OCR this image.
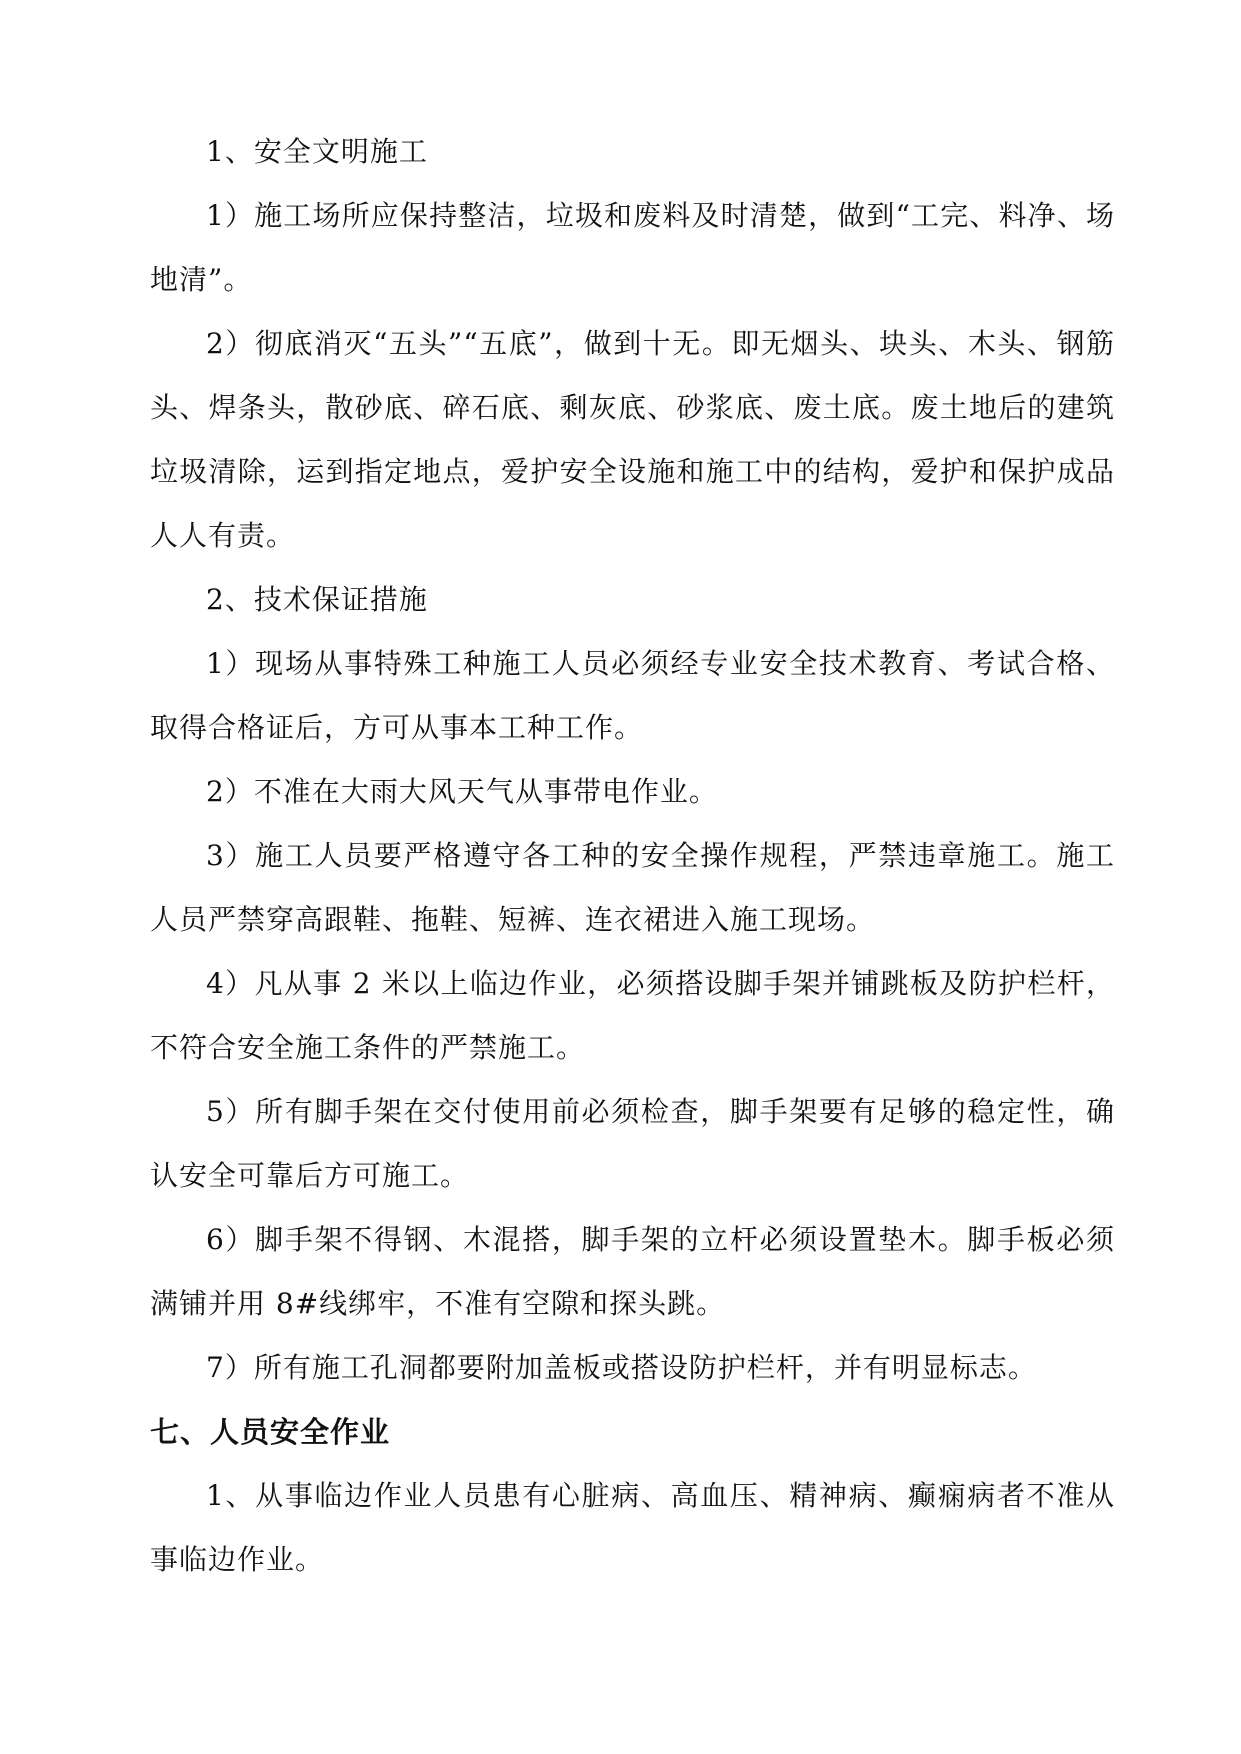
1、安全文明施工

1）施工场所应保持整洁，垃圾和废料及时清楚，做到“工完、料净、场地清”。

2）彻底消灭“五头”“五底”，做到十无。即无烟头、块头、木头、钢筋头、焊条头，散砂底、碎石底、剩灰底、砂浆底、废土底。废土地后的建筑垃圾清除，运到指定地点，爱护安全设施和施工中的结构，爱护和保护成品人人有责。

2、技术保证措施

1）现场从事特殊工种施工人员必须经专业安全技术教育、考试合格、取得合格证后，方可从事本工种工作。

2）不准在大雨大风天气从事带电作业。

3）施工人员要严格遵守各工种的安全操作规程，严禁违章施工。施工人员严禁穿高跟鞋、拖鞋、短裤、连衣裙进入施工现场。

4）凡从事 2 米以上临边作业，必须搭设脚手架并铺跳板及防护栏杆，不符合安全施工条件的严禁施工。

5）所有脚手架在交付使用前必须检查，脚手架要有足够的稳定性，确认安全可靠后方可施工。

6）脚手架不得钢、木混搭，脚手架的立杆必须设置垫木。脚手板必须满铺并用 8#线绑牢，不准有空隙和探头跳。

7）所有施工孔洞都要附加盖板或搭设防护栏杆，并有明显标志。

七、人员安全作业

1、从事临边作业人员患有心脏病、高血压、精神病、癫痫病者不准从事临边作业。
